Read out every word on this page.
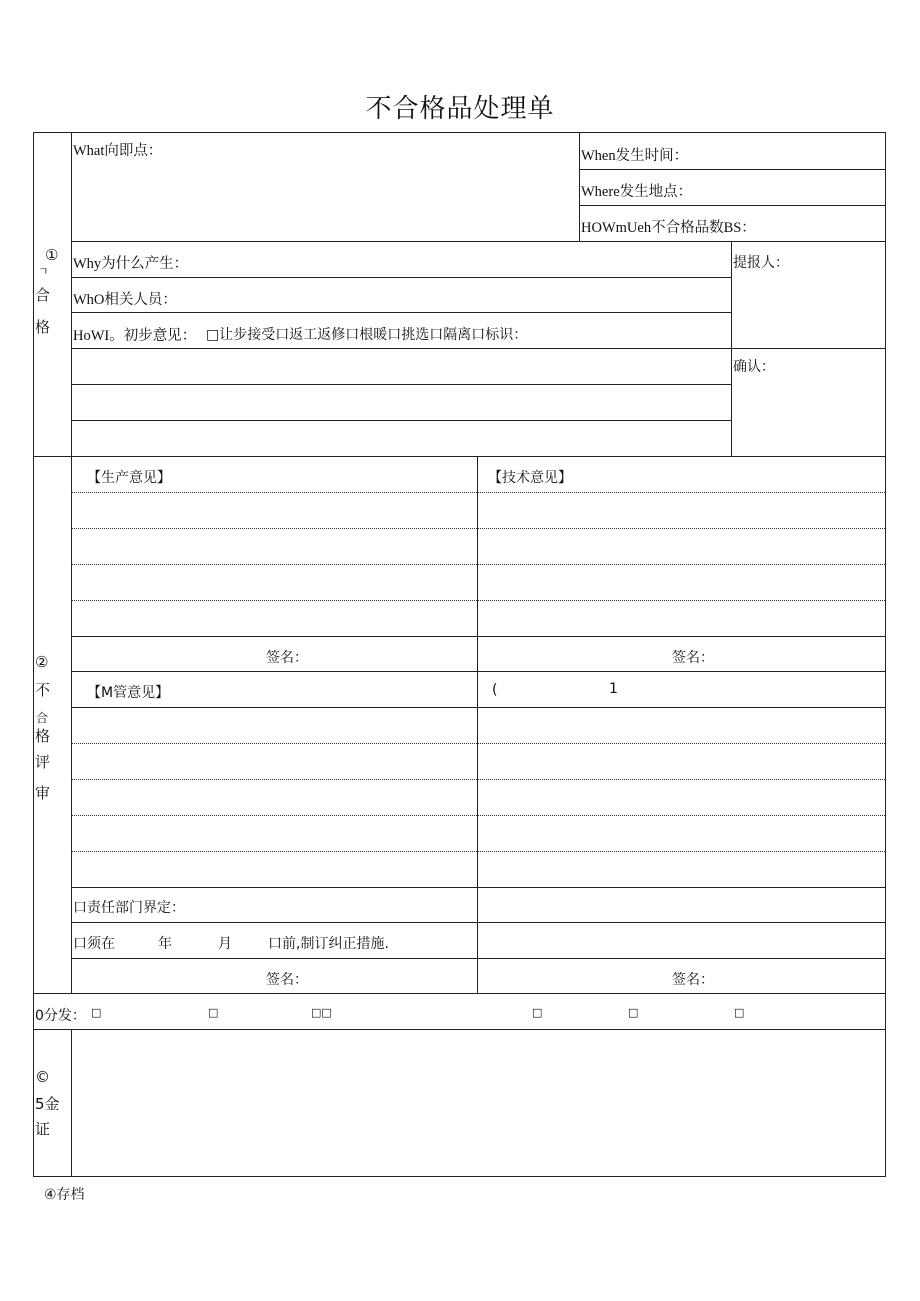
不合格品处理单
①
ㄱ
合
格
What向即点：	When发生时间：
Where发生地点：
HOWmUeh不合格品数BS：
Why为什么产生：
WhO相关人员：
HoWI。初步意见： □让步接受口返工返修口根暖口挑选口隔离口标识：
提报人：
确认：
②
不
合
格
评
审
【生产意见】	【技术意见】
签名：	签名：
【M管意见】	(	1
口责任部门界定：
口须在	年	月	口前,制订纠正措施.
签名：	签名：
0分发： □	□	□□	□	□	□
©
5金
证
④存档
